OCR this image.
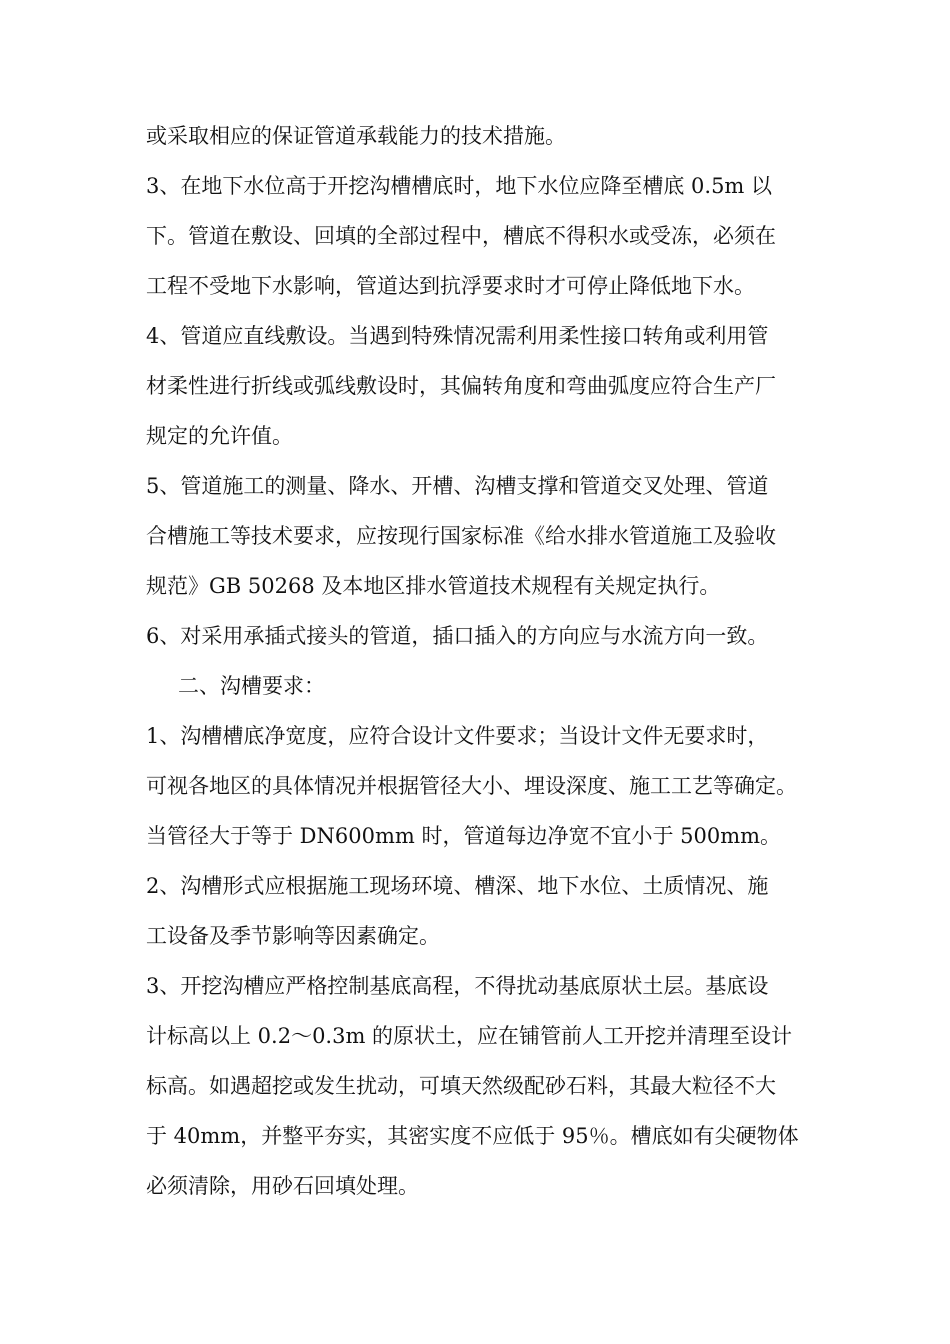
或采取相应的保证管道承载能力的技术措施。
3、在地下水位高于开挖沟槽槽底时，地下水位应降至槽底 0.5m 以
下。管道在敷设、回填的全部过程中，槽底不得积水或受冻，必须在
工程不受地下水影响，管道达到抗浮要求时才可停止降低地下水。
4、管道应直线敷设。当遇到特殊情况需利用柔性接口转角或利用管
材柔性进行折线或弧线敷设时，其偏转角度和弯曲弧度应符合生产厂
规定的允许值。
5、管道施工的测量、降水、开槽、沟槽支撑和管道交叉处理、管道
合槽施工等技术要求，应按现行国家标准《给水排水管道施工及验收
规范》GB 50268 及本地区排水管道技术规程有关规定执行。
6、对采用承插式接头的管道，插口插入的方向应与水流方向一致。
二、沟槽要求：
1、沟槽槽底净宽度，应符合设计文件要求；当设计文件无要求时，
可视各地区的具体情况并根据管径大小、埋设深度、施工工艺等确定。
当管径大于等于 DN600mm 时，管道每边净宽不宜小于 500mm。
2、沟槽形式应根据施工现场环境、槽深、地下水位、土质情况、施
工设备及季节影响等因素确定。
3、开挖沟槽应严格控制基底高程，不得扰动基底原状土层。基底设
计标高以上 0.2～0.3m 的原状土，应在铺管前人工开挖并清理至设计
标高。如遇超挖或发生扰动，可填天然级配砂石料，其最大粒径不大
于 40mm，并整平夯实，其密实度不应低于 95％。槽底如有尖硬物体
必须清除，用砂石回填处理。
